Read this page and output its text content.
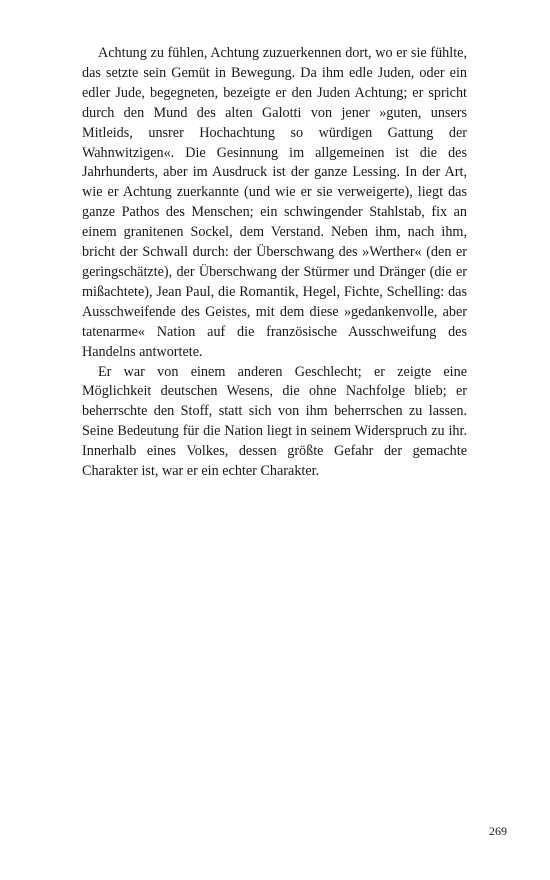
Achtung zu fühlen, Achtung zuzuerkennen dort, wo er sie fühlte, das setzte sein Gemüt in Bewegung. Da ihm edle Juden, oder ein edler Jude, begegneten, bezeigte er den Juden Achtung; er spricht durch den Mund des alten Galotti von jener »guten, unsers Mitleids, unsrer Hochachtung so würdigen Gattung der Wahnwitzigen«. Die Gesinnung im allgemeinen ist die des Jahrhunderts, aber im Ausdruck ist der ganze Lessing. In der Art, wie er Achtung zuerkannte (und wie er sie verweigerte), liegt das ganze Pathos des Menschen; ein schwingender Stahlstab, fix an einem granitenen Sockel, dem Verstand. Neben ihm, nach ihm, bricht der Schwall durch: der Überschwang des »Werther« (den er geringschätzte), der Überschwang der Stürmer und Dränger (die er mißachtete), Jean Paul, die Romantik, Hegel, Fichte, Schelling: das Ausschweifende des Geistes, mit dem diese »gedankenvolle, aber tatenarme« Nation auf die französische Ausschweifung des Handelns antwortete.

Er war von einem anderen Geschlecht; er zeigte eine Möglichkeit deutschen Wesens, die ohne Nachfolge blieb; er beherrschte den Stoff, statt sich von ihm beherrschen zu lassen. Seine Bedeutung für die Nation liegt in seinem Widerspruch zu ihr. Innerhalb eines Volkes, dessen größte Gefahr der gemachte Charakter ist, war er ein echter Charakter.

269
